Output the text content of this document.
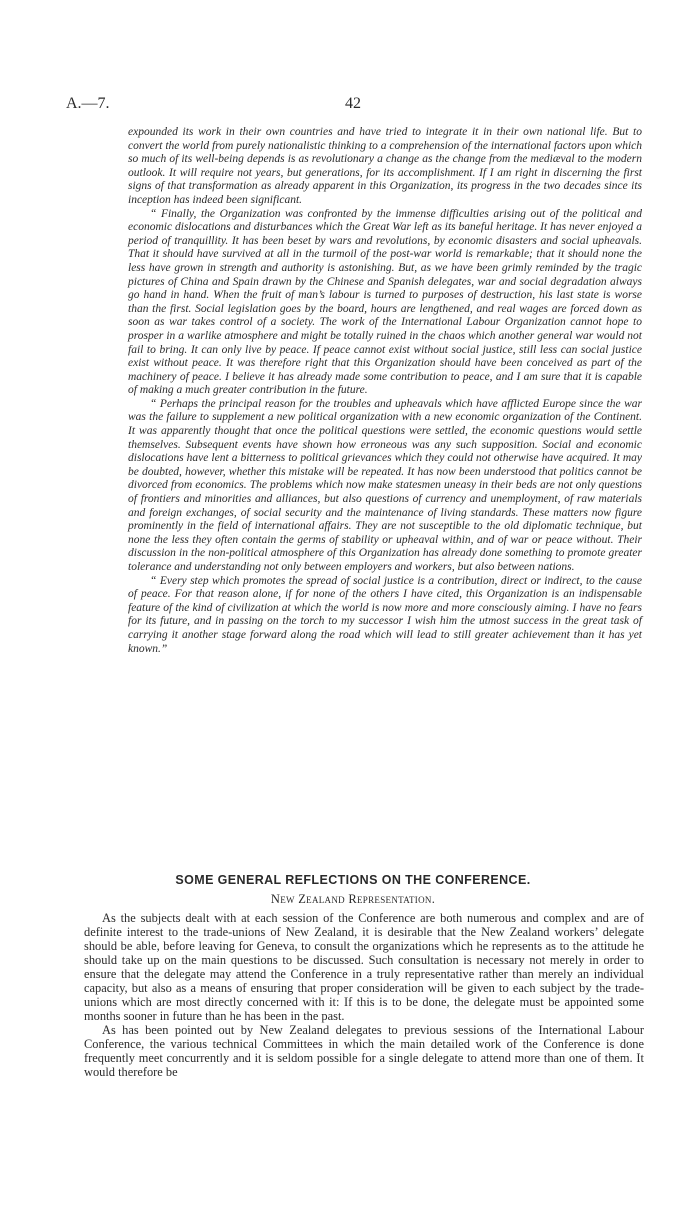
A.—7.	42

expounded its work in their own countries and have tried to integrate it in their own national life. But to convert the world from purely nationalistic thinking to a comprehension of the international factors upon which so much of its well-being depends is as revolutionary a change as the change from the mediæval to the modern outlook. It will require not years, but generations, for its accomplishment. If I am right in discerning the first signs of that transformation as already apparent in this Organization, its progress in the two decades since its inception has indeed been significant.

“ Finally, the Organization was confronted by the immense difficulties arising out of the political and economic dislocations and disturbances which the Great War left as its baneful heritage. It has never enjoyed a period of tranquillity. It has been beset by wars and revolutions, by economic disasters and social upheavals. That it should have survived at all in the turmoil of the post-war world is remarkable; that it should none the less have grown in strength and authority is astonishing. But, as we have been grimly reminded by the tragic pictures of China and Spain drawn by the Chinese and Spanish delegates, war and social degradation always go hand in hand. When the fruit of man’s labour is turned to purposes of destruction, his last state is worse than the first. Social legislation goes by the board, hours are lengthened, and real wages are forced down as soon as war takes control of a society. The work of the International Labour Organization cannot hope to prosper in a warlike atmosphere and might be totally ruined in the chaos which another general war would not fail to bring. It can only live by peace. If peace cannot exist without social justice, still less can social justice exist without peace. It was therefore right that this Organization should have been conceived as part of the machinery of peace. I believe it has already made some contribution to peace, and I am sure that it is capable of making a much greater contribution in the future.

“ Perhaps the principal reason for the troubles and upheavals which have afflicted Europe since the war was the failure to supplement a new political organization with a new economic organization of the Continent. It was apparently thought that once the political questions were settled, the economic questions would settle themselves. Subsequent events have shown how erroneous was any such supposition. Social and economic dislocations have lent a bitterness to political grievances which they could not otherwise have acquired. It may be doubted, however, whether this mistake will be repeated. It has now been understood that politics cannot be divorced from economics. The problems which now make statesmen uneasy in their beds are not only questions of frontiers and minorities and alliances, but also questions of currency and unemployment, of raw materials and foreign exchanges, of social security and the maintenance of living standards. These matters now figure prominently in the field of international affairs. They are not susceptible to the old diplomatic technique, but none the less they often contain the germs of stability or upheaval within, and of war or peace without. Their discussion in the non-political atmosphere of this Organization has already done something to promote greater tolerance and understanding not only between employers and workers, but also between nations.

“ Every step which promotes the spread of social justice is a contribution, direct or indirect, to the cause of peace. For that reason alone, if for none of the others I have cited, this Organization is an indispensable feature of the kind of civilization at which the world is now more and more consciously aiming. I have no fears for its future, and in passing on the torch to my successor I wish him the utmost success in the great task of carrying it another stage forward along the road which will lead to still greater achievement than it has yet known.”

SOME GENERAL REFLECTIONS ON THE CONFERENCE.
New Zealand Representation.

As the subjects dealt with at each session of the Conference are both numerous and complex and are of definite interest to the trade-unions of New Zealand, it is desirable that the New Zealand workers’ delegate should be able, before leaving for Geneva, to consult the organizations which he represents as to the attitude he should take up on the main questions to be discussed. Such consultation is necessary not merely in order to ensure that the delegate may attend the Conference in a truly representative rather than merely an individual capacity, but also as a means of ensuring that proper consideration will be given to each subject by the trade-unions which are most directly concerned with it: If this is to be done, the delegate must be appointed some months sooner in future than he has been in the past.

As has been pointed out by New Zealand delegates to previous sessions of the International Labour Conference, the various technical Committees in which the main detailed work of the Conference is done frequently meet concurrently and it is seldom possible for a single delegate to attend more than one of them. It would therefore be
